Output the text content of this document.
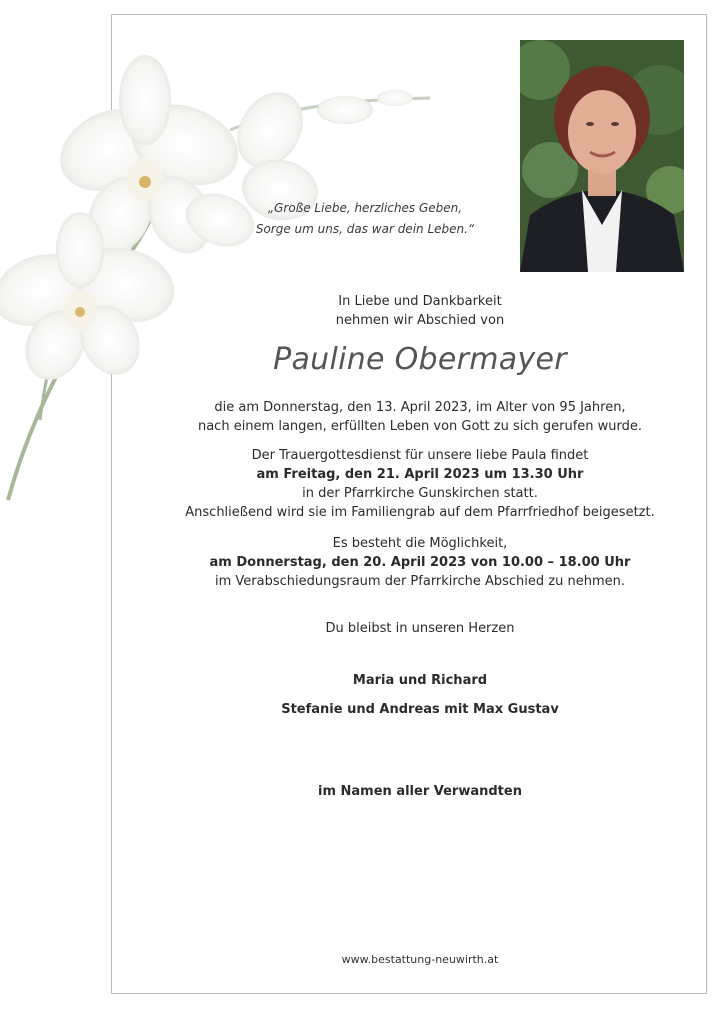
„Große Liebe, herzliches Geben,
Sorge um uns, das war dein Leben.“
In Liebe und Dankbarkeit
nehmen wir Abschied von
Pauline Obermayer
die am Donnerstag, den 13. April 2023, im Alter von 95 Jahren,
nach einem langen, erfüllten Leben von Gott zu sich gerufen wurde.
Der Trauergottesdienst für unsere liebe Paula findet
am Freitag, den 21. April 2023 um 13.30 Uhr
in der Pfarrkirche Gunskirchen statt.
Anschließend wird sie im Familiengrab auf dem Pfarrfriedhof beigesetzt.
Es besteht die Möglichkeit,
am Donnerstag, den 20. April 2023 von 10.00 – 18.00 Uhr
im Verabschiedungsraum der Pfarrkirche Abschied zu nehmen.
Du bleibst in unseren Herzen
Maria und Richard
Stefanie und Andreas mit Max Gustav
im Namen aller Verwandten
www.bestattung-neuwirth.at
